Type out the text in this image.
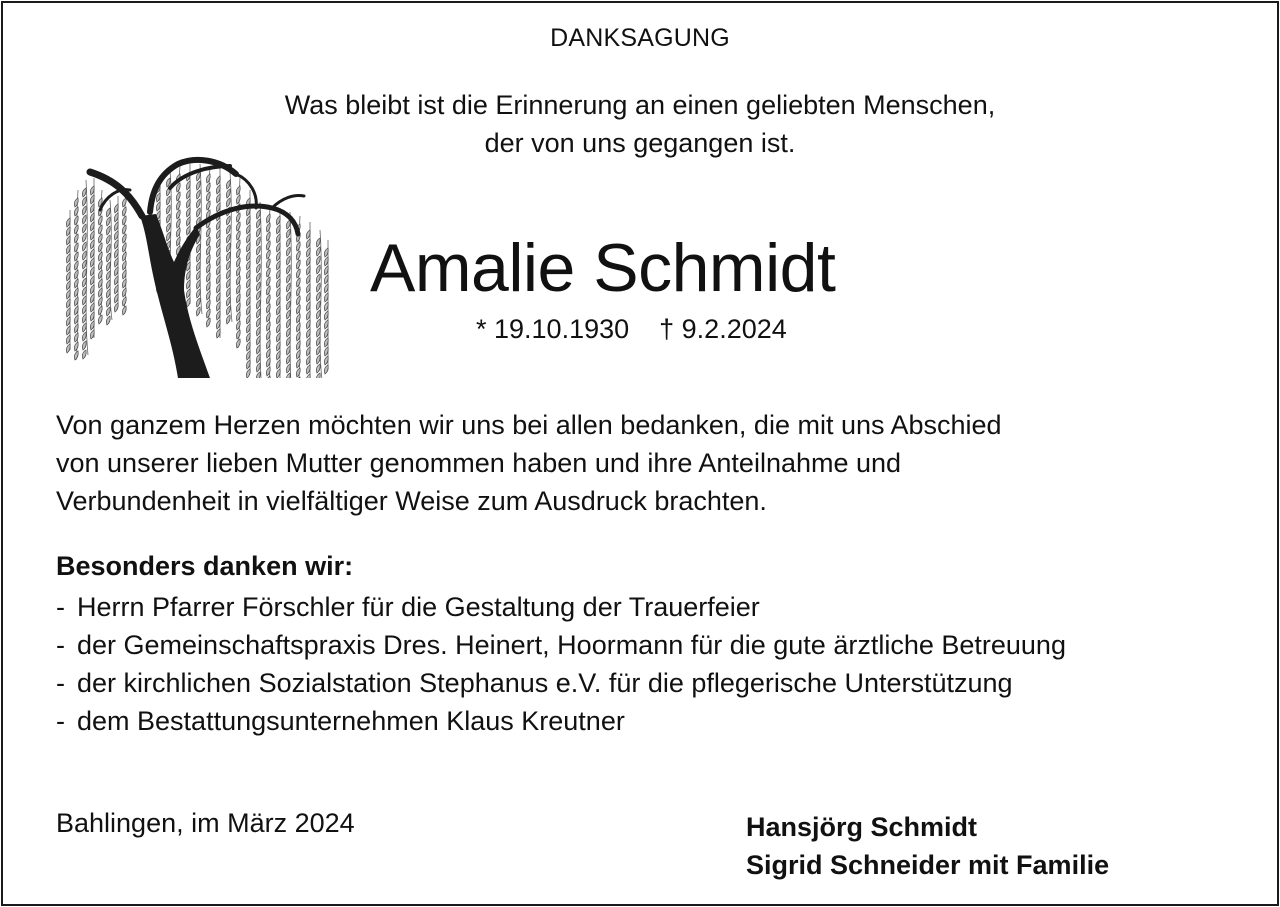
DANKSAGUNG
Was bleibt ist die Erinnerung an einen geliebten Menschen,
der von uns gegangen ist.
Amalie Schmidt
* 19.10.1930 † 9.2.2024
Von ganzem Herzen möchten wir uns bei allen bedanken, die mit uns Abschied
von unserer lieben Mutter genommen haben und ihre Anteilnahme und
Verbundenheit in vielfältiger Weise zum Ausdruck brachten.
Besonders danken wir:
- Herrn Pfarrer Förschler für die Gestaltung der Trauerfeier
- der Gemeinschaftspraxis Dres. Heinert, Hoormann für die gute ärztliche Betreuung
- der kirchlichen Sozialstation Stephanus e.V. für die pflegerische Unterstützung
- dem Bestattungsunternehmen Klaus Kreutner
Bahlingen, im März 2024	Hansjörg Schmidt
Sigrid Schneider mit Familie
